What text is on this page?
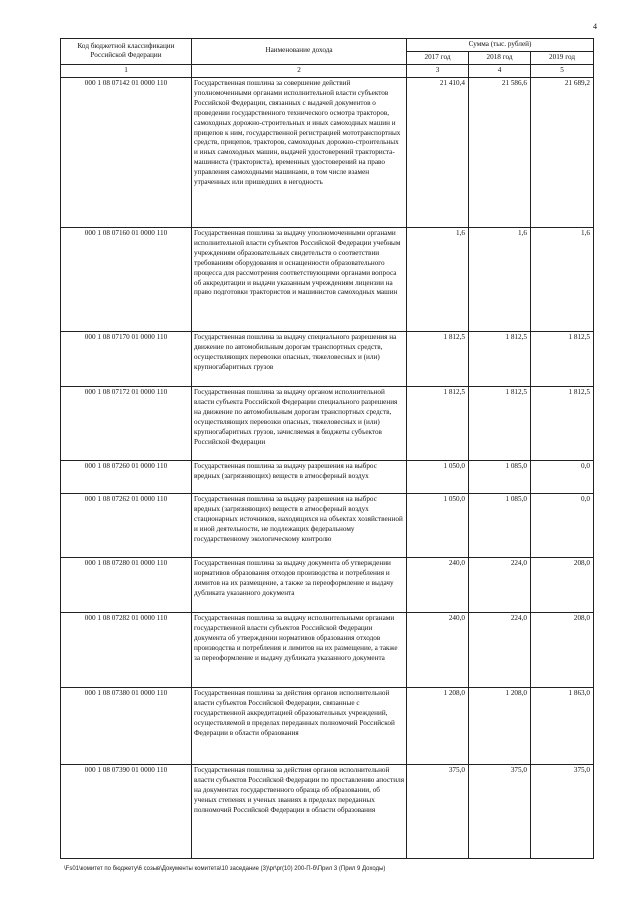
4
Код бюджетной классификации Российской Федерации	Наименование дохода	Сумма (тыс. рублей)		
		2017 год	2018 год	2019 год
1	2	3	4	5
000 1 08 07142 01 0000 110	Государственная пошлина за совершение действий уполномоченными органами исполнительной власти субъектов Российской Федерации, связанных с выдачей документов о проведении государственного технического осмотра тракторов, самоходных дорожно-строительных и иных самоходных машин и прицепов к ним, государственной регистрацией мототранспортных средств, прицепов, тракторов, самоходных дорожно-строительных и иных самоходных машин, выдачей удостоверений тракториста-машиниста (тракториста), временных удостоверений на право управления самоходными машинами, в том числе взамен утраченных или пришедших в негодность	21 410,4	21 586,6	21 689,2
000 1 08 07160 01 0000 110	Государственная пошлина за выдачу уполномоченными органами исполнительной власти субъектов Российской Федерации учебным учреждениям образовательных свидетельств о соответствии требованиям оборудования и оснащенности образовательного процесса для рассмотрения соответствующими органами вопроса об аккредитации и выдачи указанным учреждениям лицензии на право подготовки трактористов и машинистов самоходных машин	1,6	1,6	1,6
000 1 08 07170 01 0000 110	Государственная пошлина за выдачу специального разрешения на движение по автомобильным дорогам транспортных средств, осуществляющих перевозки опасных, тяжеловесных и (или) крупногабаритных грузов	1 812,5	1 812,5	1 812,5
000 1 08 07172 01 0000 110	Государственная пошлина за выдачу органом исполнительной власти субъекта Российской Федерации специального разрешения на движение по автомобильным дорогам транспортных средств, осуществляющих перевозки опасных, тяжеловесных и (или) крупногабаритных грузов, зачисляемая в бюджеты субъектов Российской Федерации	1 812,5	1 812,5	1 812,5
000 1 08 07260 01 0000 110	Государственная пошлина за выдачу разрешения на выброс вредных (загрязняющих) веществ в атмосферный воздух	1 050,0	1 085,0	0,0
000 1 08 07262 01 0000 110	Государственная пошлина за выдачу разрешения на выброс вредных (загрязняющих) веществ в атмосферный воздух стационарных источников, находящихся на объектах хозяйственной и иной деятельности, не подлежащих федеральному государственному экологическому контролю	1 050,0	1 085,0	0,0
000 1 08 07280 01 0000 110	Государственная пошлина за выдачу документа об утверждении нормативов образования отходов производства и потребления и лимитов на их размещение, а также за переоформление и выдачу дубликата указанного документа	240,0	224,0	208,0
000 1 08 07282 01 0000 110	Государственная пошлина за выдачу исполнительными органами государственной власти субъектов Российской Федерации документа об утверждении нормативов образования отходов производства и потребления и лимитов на их размещение, а также за переоформление и выдачу дубликата указанного документа	240,0	224,0	208,0
000 1 08 07380 01 0000 110	Государственная пошлина за действия органов исполнительной власти субъектов Российской Федерации, связанные с государственной аккредитацией образовательных учреждений, осуществляемой в пределах переданных полномочий Российской Федерации в области образования	1 208,0	1 208,0	1 863,0
000 1 08 07390 01 0000 110	Государственная пошлина за действия органов исполнительной власти субъектов Российской Федерации по проставлению апостиля на документах государственного образца об образовании, об ученых степенях и ученых званиях в пределах переданных полномочий Российской Федерации в области образования	375,0	375,0	375,0
\Fs01\комитет по бюджету\6 созыв\Документы комитета\10 заседание (3)\pr\pr(10) 200-П-б\Прил 3 (Прил 9 Доходы)
